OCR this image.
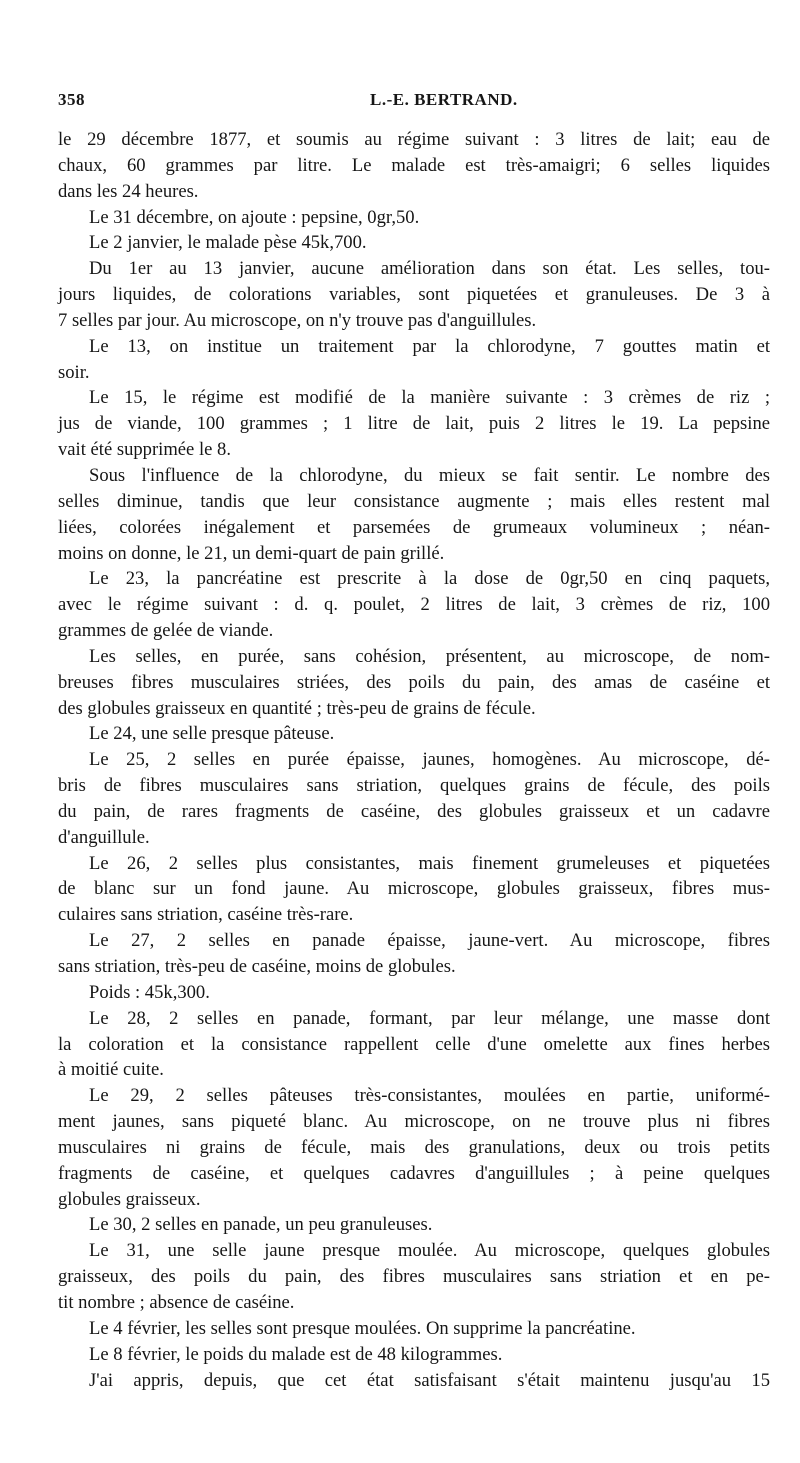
358	L.-E. BERTRAND.
le 29 décembre 1877, et soumis au régime suivant : 3 litres de lait; eau de
chaux, 60 grammes par litre. Le malade est très-amaigri; 6 selles liquides
dans les 24 heures.
Le 31 décembre, on ajoute : pepsine, 0gr,50.
Le 2 janvier, le malade pèse 45k,700.
Du 1er au 13 janvier, aucune amélioration dans son état. Les selles, tou-
jours liquides, de colorations variables, sont piquetées et granuleuses. De 3 à
7 selles par jour. Au microscope, on n'y trouve pas d'anguillules.
Le 13, on institue un traitement par la chlorodyne, 7 gouttes matin et
soir.
Le 15, le régime est modifié de la manière suivante : 3 crèmes de riz ;
jus de viande, 100 grammes ; 1 litre de lait, puis 2 litres le 19. La pepsine
vait été supprimée le 8.
Sous l'influence de la chlorodyne, du mieux se fait sentir. Le nombre des
selles diminue, tandis que leur consistance augmente ; mais elles restent mal
liées, colorées inégalement et parsemées de grumeaux volumineux ; néan-
moins on donne, le 21, un demi-quart de pain grillé.
Le 23, la pancréatine est prescrite à la dose de 0gr,50 en cinq paquets,
avec le régime suivant : d. q. poulet, 2 litres de lait, 3 crèmes de riz, 100
grammes de gelée de viande.
Les selles, en purée, sans cohésion, présentent, au microscope, de nom-
breuses fibres musculaires striées, des poils du pain, des amas de caséine et
des globules graisseux en quantité ; très-peu de grains de fécule.
Le 24, une selle presque pâteuse.
Le 25, 2 selles en purée épaisse, jaunes, homogènes. Au microscope, dé-
bris de fibres musculaires sans striation, quelques grains de fécule, des poils
du pain, de rares fragments de caséine, des globules graisseux et un cadavre
d'anguillule.
Le 26, 2 selles plus consistantes, mais finement grumeleuses et piquetées
de blanc sur un fond jaune. Au microscope, globules graisseux, fibres mus-
culaires sans striation, caséine très-rare.
Le 27, 2 selles en panade épaisse, jaune-vert. Au microscope, fibres
sans striation, très-peu de caséine, moins de globules.
Poids : 45k,300.
Le 28, 2 selles en panade, formant, par leur mélange, une masse dont
la coloration et la consistance rappellent celle d'une omelette aux fines herbes
à moitié cuite.
Le 29, 2 selles pâteuses très-consistantes, moulées en partie, uniformé-
ment jaunes, sans piqueté blanc. Au microscope, on ne trouve plus ni fibres
musculaires ni grains de fécule, mais des granulations, deux ou trois petits
fragments de caséine, et quelques cadavres d'anguillules ; à peine quelques
globules graisseux.
Le 30, 2 selles en panade, un peu granuleuses.
Le 31, une selle jaune presque moulée. Au microscope, quelques globules
graisseux, des poils du pain, des fibres musculaires sans striation et en pe-
tit nombre ; absence de caséine.
Le 4 février, les selles sont presque moulées. On supprime la pancréatine.
Le 8 février, le poids du malade est de 48 kilogrammes.
J'ai appris, depuis, que cet état satisfaisant s'était maintenu jusqu'au 15
